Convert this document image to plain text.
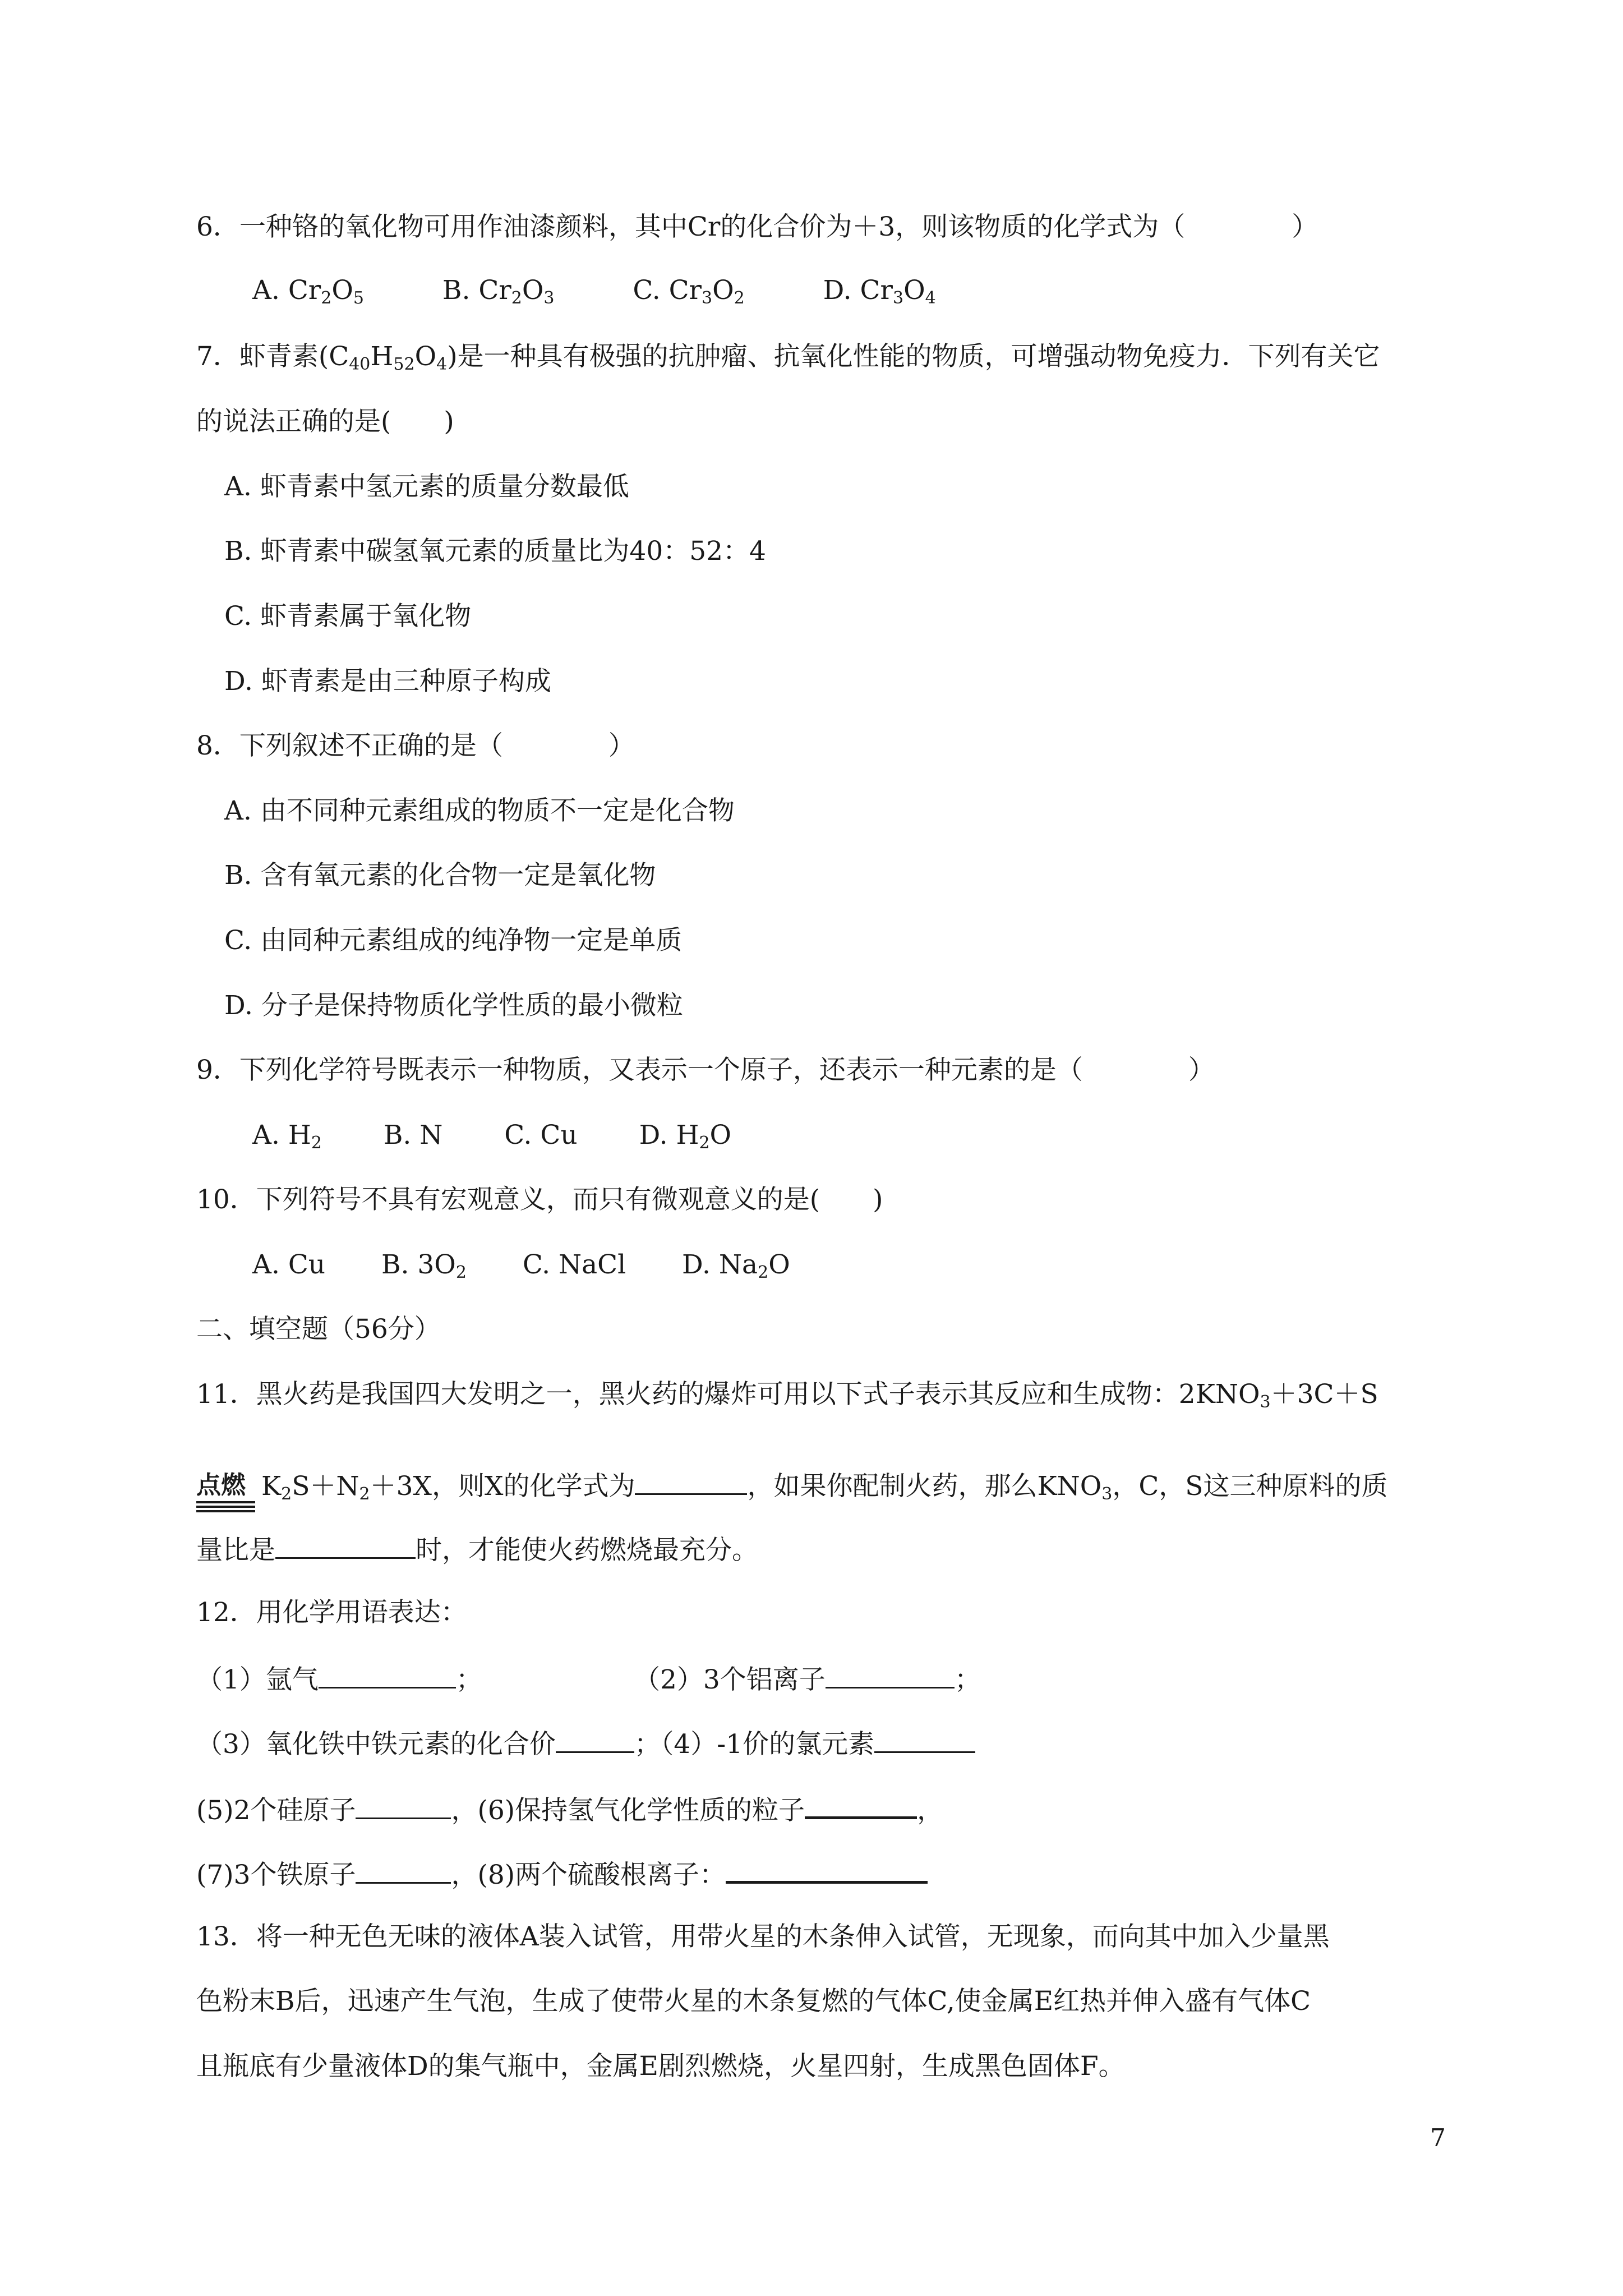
6．一种铬的氧化物可用作油漆颜料，其中Cr的化合价为＋3，则该物质的化学式为（	）
A. $Cr_2O_5$	B. $Cr_2O_3$	C. $Cr_3O_2$	D. $Cr_3O_4$
7．虾青素$(C_{40}H_{52}O_4)$是一种具有极强的抗肿瘤、抗氧化性能的物质，可增强动物免疫力．下列有关它
的说法正确的是(　　)
A. 虾青素中氢元素的质量分数最低
B. 虾青素中碳氢氧元素的质量比为40：52：4
C. 虾青素属于氧化物
D. 虾青素是由三种原子构成
8．下列叙述不正确的是（　　　　）
A. 由不同种元素组成的物质不一定是化合物
B. 含有氧元素的化合物一定是氧化物
C. 由同种元素组成的纯净物一定是单质
D. 分子是保持物质化学性质的最小微粒
9．下列化学符号既表示一种物质，又表示一个原子，还表示一种元素的是（　　　　）
A. $H_2$ B. N C. Cu D. $H_2O$
10．下列符号不具有宏观意义，而只有微观意义的是(　　)
A. Cu B. $3O_2$ C. NaCl D. $Na_2O$
二、填空题（56分）
11．黑火药是我国四大发明之一，黑火药的爆炸可用以下式子表示其反应和生成物：$2KNO_3+3C+S$
点燃 $K_2S+N_2+3X$，则X的化学式为	，如果你配制火药，那么$KNO_3$，C，S这三种原料的质
量比是	时，才能使火药燃烧最充分。
12．用化学用语表达：
（1）氩气	；	（2）3个铝离子	；
（3）氧化铁中铁元素的化合价	；（4）-1价的氯元素
(5)2个硅原子	，(6)保持氢气化学性质的粒子	，
(7)3个铁原子	，(8)两个硫酸根离子：
13．将一种无色无味的液体A装入试管，用带火星的木条伸入试管，无现象，而向其中加入少量黑
色粉末B后，迅速产生气泡，生成了使带火星的木条复燃的气体C,使金属E红热并伸入盛有气体C
且瓶底有少量液体D的集气瓶中，金属E剧烈燃烧，火星四射，生成黑色固体F。
7
